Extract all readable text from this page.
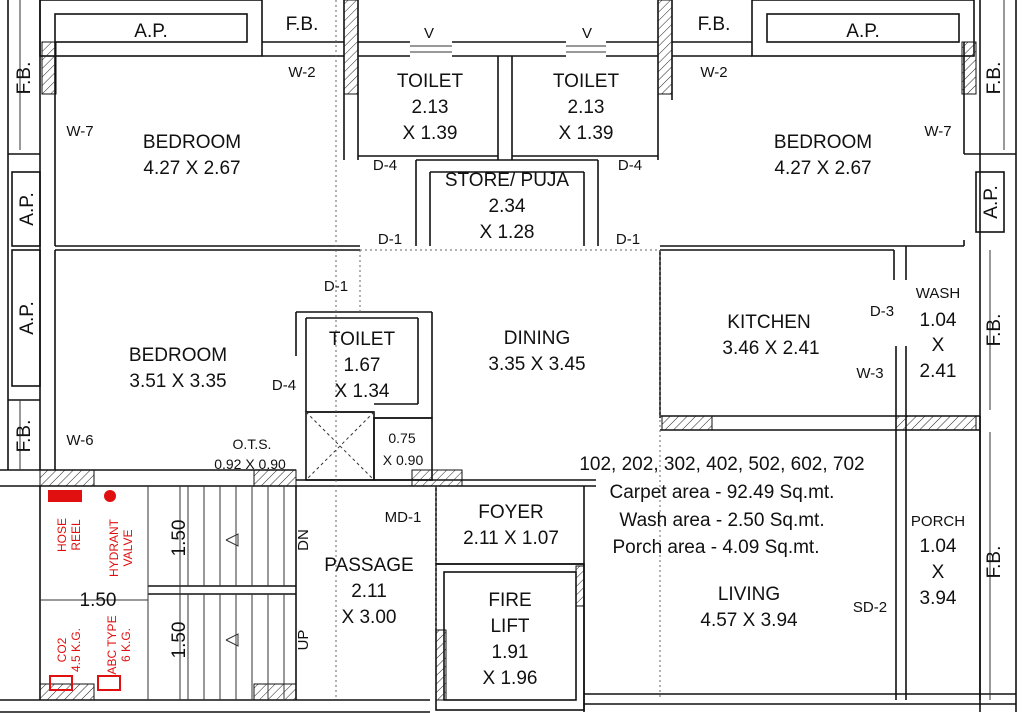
A.P.	A.P.
F.B.	F.B.
V	V
W-2	W-2
F.B.
A.P.
A.P.
F.B.
F.B.
A.P.
F.B.
F.B.
W-7	W-7
W-6
W-3
D-4	D-4
D-1	D-1
D-1
D-3
D-4
MD-1
SD-2
BEDROOM
4.27 X 2.67
BEDROOM
4.27 X 2.67
TOILET
2.13
X 1.39
TOILET
2.13
X 1.39
STORE/ PUJA
2.34
X 1.28
BEDROOM
3.51 X 3.35
TOILET
1.67
X 1.34
DINING
3.35 X 3.45
KITCHEN
3.46 X 2.41
WASH
1.04
X
2.41
FOYER
2.11 X 1.07
PASSAGE
2.11
X 3.00
FIRE
LIFT
1.91
X 1.96
LIVING
4.57 X 3.94
PORCH
1.04
X
3.94
O.T.S.
0.92 X 0.90
0.75
X 0.90	102, 202, 302, 402, 502, 602, 702
Carpet area - 92.49 Sq.mt.
Wash area - 2.50 Sq.mt.
Porch area - 4.09 Sq.mt.
1.50
1.50
1.50
DN
UP
HOSE REEL HYDRANT VALVE
CO2 4.5 K.G. ABC TYPE 6 K.G.
